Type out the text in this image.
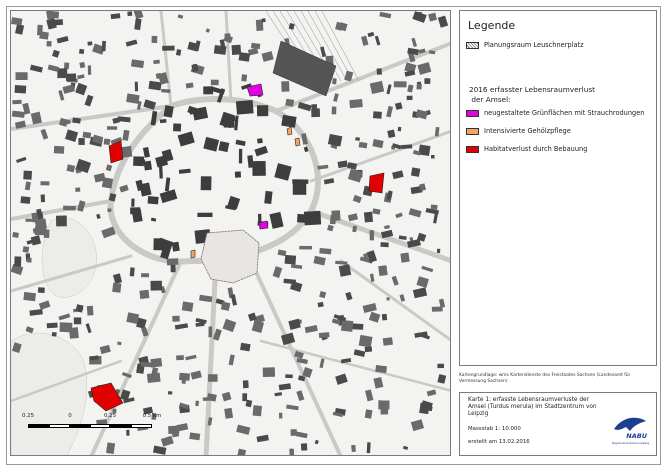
Legende
Planungsraum Leuschnerplatz
2016 erfasster Lebensraumverlust
der Amsel:
neugestaltete Grünflächen mit Strauchrodungen
Intensivierte Gehölzpflege
Habitatverlust durch Bebauung
Kartengrundlage: wms Kartendienste des Freistaates Sachsen (Landesamt für Vermessung Sachsen)
Karte 1: erfasste Lebensraumverluste der Amsel (Turdus merula) im Stadtzentrum von Leipzig
Massstab 1: 10.000
erstellt am 13.02.2016
NABU
Regionalverband Leipzig
0.25	0	0.25	0.5 km
